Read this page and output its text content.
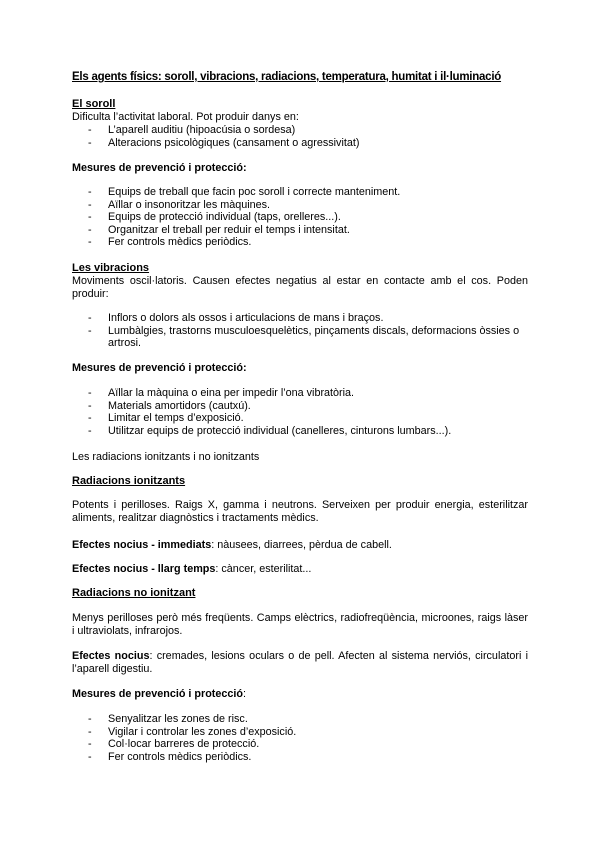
Els agents físics: soroll, vibracions, radiacions, temperatura, humitat i il·luminació
El soroll
Dificulta l’activitat laboral. Pot produir danys en:
- L’aparell auditiu (hipoacúsia o sordesa)
- Alteracions psicològiques (cansament o agressivitat)
Mesures de prevenció i protecció:
- Equips de treball que facin poc soroll i correcte manteniment.
- Aïllar o insonoritzar les màquines.
- Equips de protecció individual (taps, orelleres...).
- Organitzar el treball per reduir el temps i intensitat.
- Fer controls mèdics periòdics.
Les vibracions
Moviments oscil·latoris. Causen efectes negatius al estar en contacte amb el cos. Poden produir:
- Inflors o dolors als ossos i articulacions de mans i braços.
- Lumbàlgies, trastorns musculoesquelètics, pinçaments discals, deformacions òssies o artrosi.
Mesures de prevenció i protecció:
- Aïllar la màquina o eina per impedir l’ona vibratòria.
- Materials amortidors (cautxú).
- Limitar el temps d’exposició.
- Utilitzar equips de protecció individual (canelleres, cinturons lumbars...).
Les radiacions ionitzants i no ionitzants
Radiacions ionitzants
Potents i perilloses. Raigs X, gamma i neutrons. Serveixen per produir energia, esterilitzar aliments, realitzar diagnòstics i tractaments mèdics.
Efectes nocius - immediats: nàusees, diarrees, pèrdua de cabell.
Efectes nocius - llarg temps: càncer, esterilitat...
Radiacions no ionitzant
Menys perilloses però més freqüents. Camps elèctrics, radiofreqüència, microones, raigs làser i ultraviolats, infrarojos.
Efectes nocius: cremades, lesions oculars o de pell. Afecten al sistema nerviós, circulatori i l’aparell digestiu.
Mesures de prevenció i protecció:
- Senyalitzar les zones de risc.
- Vigilar i controlar les zones d’exposició.
- Col·locar barreres de protecció.
- Fer controls mèdics periòdics.
